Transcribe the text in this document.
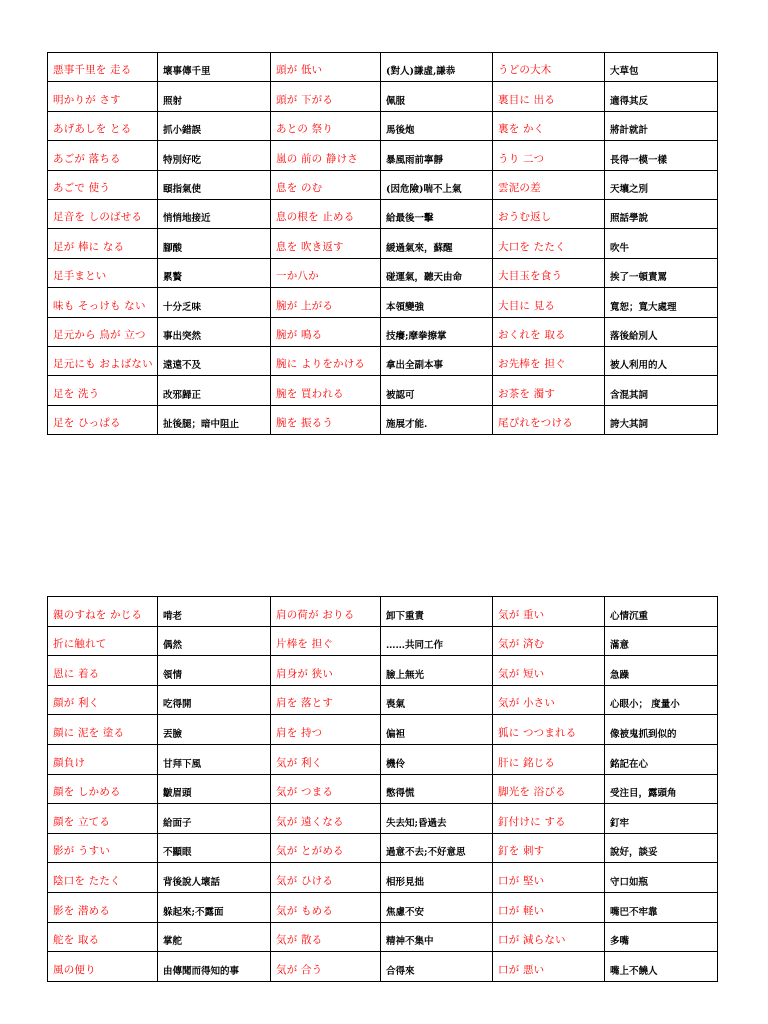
悪事千里を 走る	壞事傳千里	頭が 低い	(對人)謙虛,謙恭	うどの大木	大草包
明かりが さす	照射	頭が 下がる	佩服	裏目に 出る	適得其反
あげあしを とる	抓小錯誤	あとの 祭り	馬後炮	裏を かく	將計就計
あごが 落ちる	特別好吃	嵐の 前の 静けさ	暴風雨前寧靜	うり 二つ	長得一模一樣
あごで 使う	頤指氣使	息を のむ	(因危險)喘不上氣	雲泥の差	天壤之別
足音を しのばせる	悄悄地接近	息の根を 止める	給最後一擊	おうむ返し	照話學說
足が 棒に なる	腳酸	息を 吹き返す	緩過氣來，蘇醒	大口を たたく	吹牛
足手まとい	累贅	一か八か	碰運氣，聽天由命	大目玉を食う	挨了一頓責罵
味も そっけも ない	十分乏味	腕が 上がる	本領變強	大目に 見る	寬恕；寬大處理
足元から 鳥が 立つ	事出突然	腕が 鳴る	技癢;摩拳擦掌	おくれを 取る	落後給別人
足元にも およばない	遠遠不及	腕に よりをかける	拿出全副本事	お先棒を 担ぐ	被人利用的人
足を 洗う	改邪歸正	腕を 買われる	被認可	お茶を 濁す	含混其詞
足を ひっぱる	扯後腿；暗中阻止	腕を 振るう	施展才能.	尾ぴれをつける	誇大其詞
親のすねを かじる	啃老	肩の荷が おりる	卸下重責	気が 重い	心情沉重
折に触れて	偶然	片棒を 担ぐ	……共同工作	気が 済む	滿意
恩に 着る	領情	肩身が 狭い	臉上無光	気が 短い	急躁
顔が 利く	吃得開	肩を 落とす	喪氣	気が 小さい	心眼小； 度量小
顔に 泥を 塗る	丟臉	肩を 持つ	偏袒	狐に つつまれる	像被鬼抓到似的
顔負け	甘拜下風	気が 利く	機伶	肝に 銘じる	銘記在心
顔を しかめる	皺眉頭	気が つまる	憋得慌	脚光を 浴びる	受注目，露頭角
顔を 立てる	給面子	気が 遠くなる	失去知;昏過去	釘付けに する	釘牢
影が うすい	不顯眼	気が とがめる	過意不去;不好意思	釘を 刺す	說好，談妥
陰口を たたく	背後說人壞話	気が ひける	相形見拙	口が 堅い	守口如瓶
影を 潜める	躲起來;不露面	気が もめる	焦慮不安	口が 軽い	嘴巴不牢靠
舵を 取る	掌舵	気が 散る	精神不集中	口が 減らない	多嘴
風の便り	由傳聞而得知的事	気が 合う	合得來	口が 悪い	嘴上不饒人
